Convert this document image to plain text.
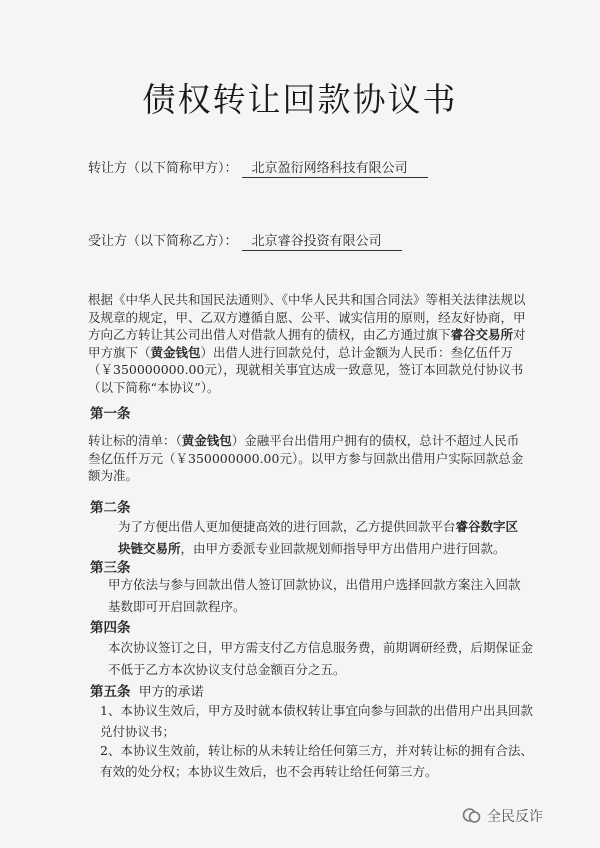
债权转让回款协议书
转让方（以下简称甲方）： 北京盈衍网络科技有限公司
受让方（以下简称乙方）： 北京睿谷投资有限公司
根据《中华人民共和国民法通则》、《中华人民共和国合同法》等相关法律法规以及规章的规定，甲、乙双方遵循自愿、公平、诚实信用的原则，经友好协商，甲方向乙方转让其公司出借人对借款人拥有的债权，由乙方通过旗下睿谷交易所对甲方旗下（黄金钱包）出借人进行回款兑付，总计金额为人民币：叁亿伍仟万（￥350000000.00元），现就相关事宜达成一致意见，签订本回款兑付协议书（以下简称“本协议”）。
第一条
转让标的清单：（黄金钱包）金融平台出借用户拥有的债权，总计不超过人民币叁亿伍仟万元（￥350000000.00元）。以甲方参与回款出借用户实际回款总金额为准。
第二条
为了方便出借人更加便捷高效的进行回款，乙方提供回款平台睿谷数字区块链交易所，由甲方委派专业回款规划师指导甲方出借用户进行回款。
第三条
甲方依法与参与回款出借人签订回款协议，出借用户选择回款方案注入回款基数即可开启回款程序。
第四条
本次协议签订之日，甲方需支付乙方信息服务费，前期调研经费，后期保证金不低于乙方本次协议支付总金额百分之五。
第五条 甲方的承诺
1、本协议生效后，甲方及时就本债权转让事宜向参与回款的出借用户出具回款兑付协议书；
2、本协议生效前，转让标的从未转让给任何第三方，并对转让标的拥有合法、有效的处分权；本协议生效后，也不会再转让给任何第三方。
全民反诈
